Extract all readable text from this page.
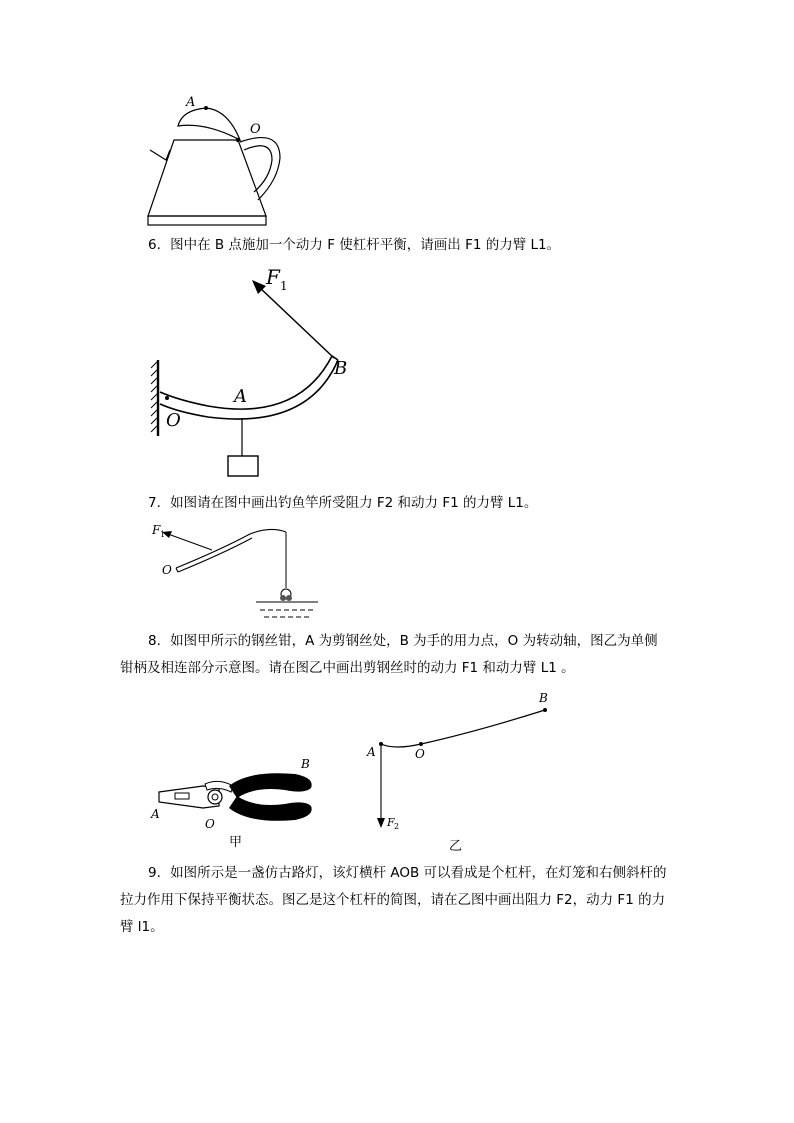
A
O

6．图中在 B 点施加一个动力 F 使杠杆平衡，请画出 F1 的力臂 L1。

F 1
A
B
O

7．如图请在图中画出钓鱼竿所受阻力 F2 和动力 F1 的力臂 L1。

F 1
O

8．如图甲所示的钢丝钳，A 为剪钢丝处，B 为手的用力点，O 为转动轴，图乙为单侧

钳柄及相连部分示意图。请在图乙中画出剪钢丝时的动力 F1 和动力臂 L1 。
A
O
B
甲
A	O
B
F 2
乙

9．如图所示是一盏仿古路灯，该灯横杆 AOB 可以看成是个杠杆，在灯笼和右侧斜杆的

拉力作用下保持平衡状态。图乙是这个杠杆的简图，请在乙图中画出阻力 F2，动力 F1 的力
臂 l1。
